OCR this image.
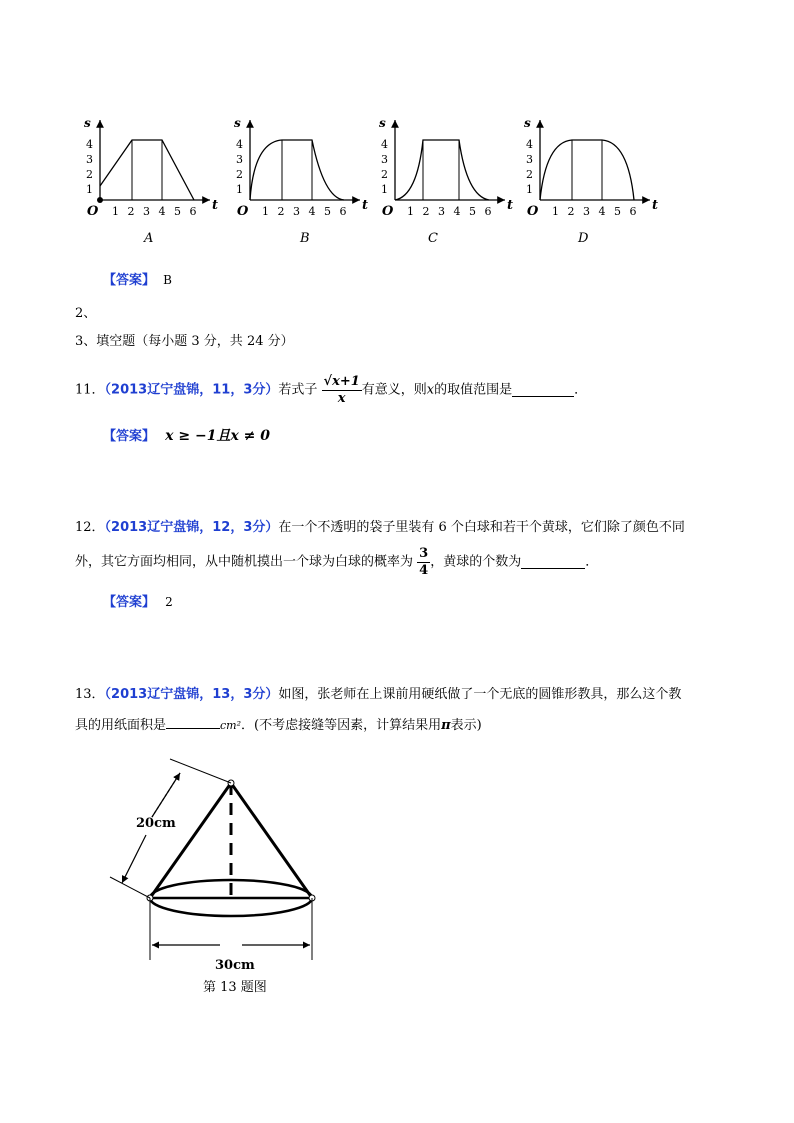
s
t
O
1
2
3
4
1 2 3 4 5 6
s
t
O
1
2
3
4
1 2 3 4 5 6
s
t
O
1
2
3
4
1 2 3 4 5 6
s
t
O
1
2
3
4
1 2 3 4 5 6
A	B	C	D
【答案】 B
2、
3、填空题（每小题 3 分，共 24 分）
11．（2013辽宁盘锦，11，3分）若式子 $\frac{√x+1}{x}$ 有意义，则x的取值范围是	．
【答案】 x ≥ −1且x ≠ 0
12．（2013辽宁盘锦，12，3分）在一个不透明的袋子里装有 6 个白球和若干个黄球，它们除了颜色不同
外，其它方面均相同，从中随机摸出一个球为白球的概率为 $\frac{3}{4}$ ，黄球的个数为	．
【答案】 2
13．（2013辽宁盘锦，13，3分）如图，张老师在上课前用硬纸做了一个无底的圆锥形教具，那么这个教
具的用纸面积是	cm²．(不考虑接缝等因素，计算结果用π表示)
20cm
30cm
第 13 题图
